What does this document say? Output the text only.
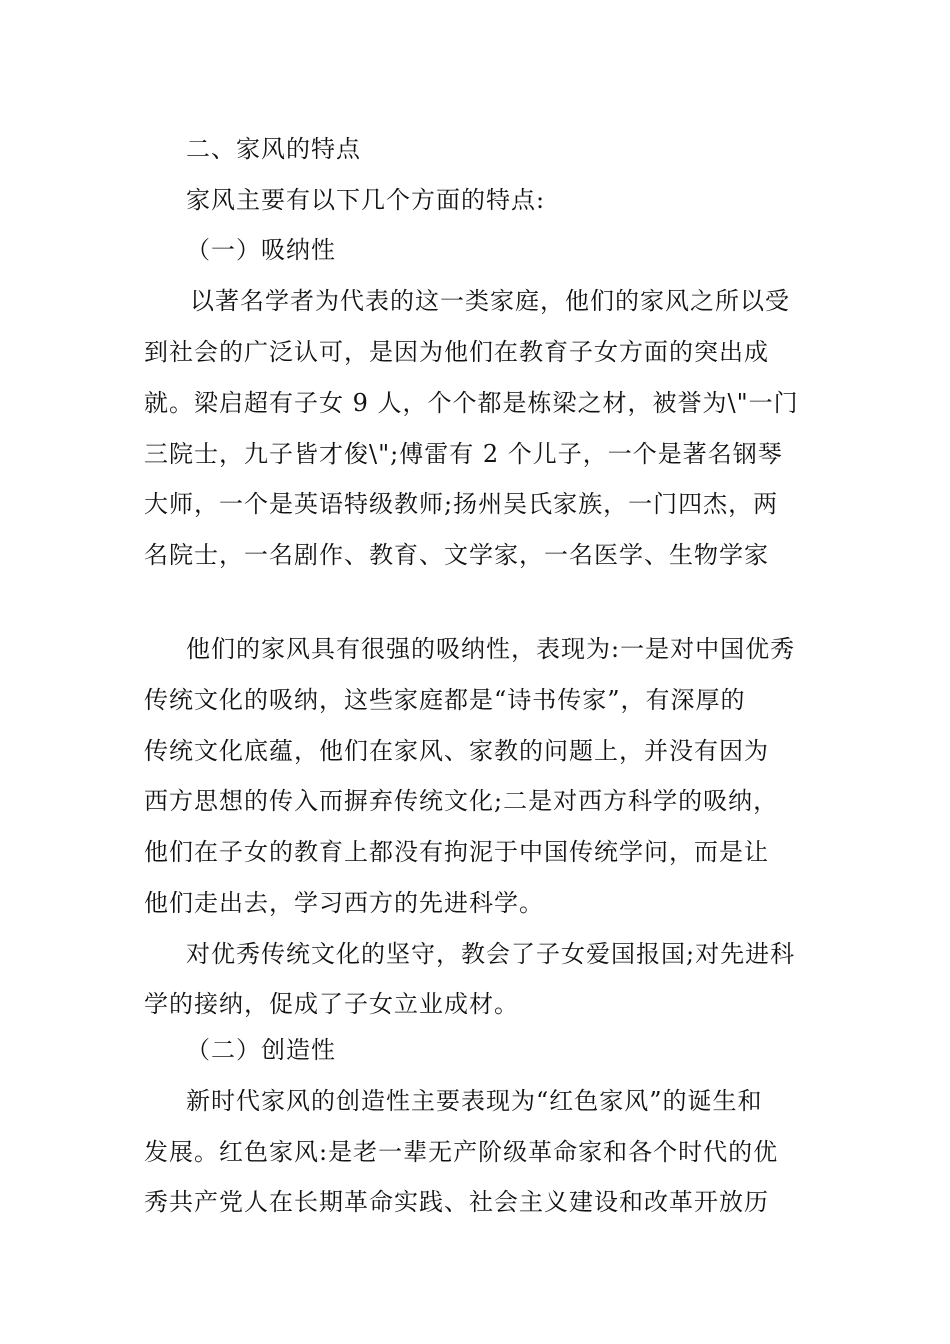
二、家风的特点
家风主要有以下几个方面的特点:
（一）吸纳性
以著名学者为代表的这一类家庭，他们的家风之所以受
到社会的广泛认可，是因为他们在教育子女方面的突出成
就。梁启超有子女 9 人，个个都是栋梁之材，被誉为\"一门
三院士，九子皆才俊\";傅雷有 2 个儿子，一个是著名钢琴
大师，一个是英语特级教师;扬州吴氏家族，一门四杰，两
名院士，一名剧作、教育、文学家，一名医学、生物学家
他们的家风具有很强的吸纳性，表现为:一是对中国优秀
传统文化的吸纳，这些家庭都是“诗书传家”，有深厚的
传统文化底蕴，他们在家风、家教的问题上，并没有因为
西方思想的传入而摒弃传统文化;二是对西方科学的吸纳，
他们在子女的教育上都没有拘泥于中国传统学问，而是让
他们走出去，学习西方的先进科学。
对优秀传统文化的坚守，教会了子女爱国报国;对先进科
学的接纳，促成了子女立业成材。
（二）创造性
新时代家风的创造性主要表现为“红色家风”的诞生和
发展。红色家风:是老一辈无产阶级革命家和各个时代的优
秀共产党人在长期革命实践、社会主义建设和改革开放历
